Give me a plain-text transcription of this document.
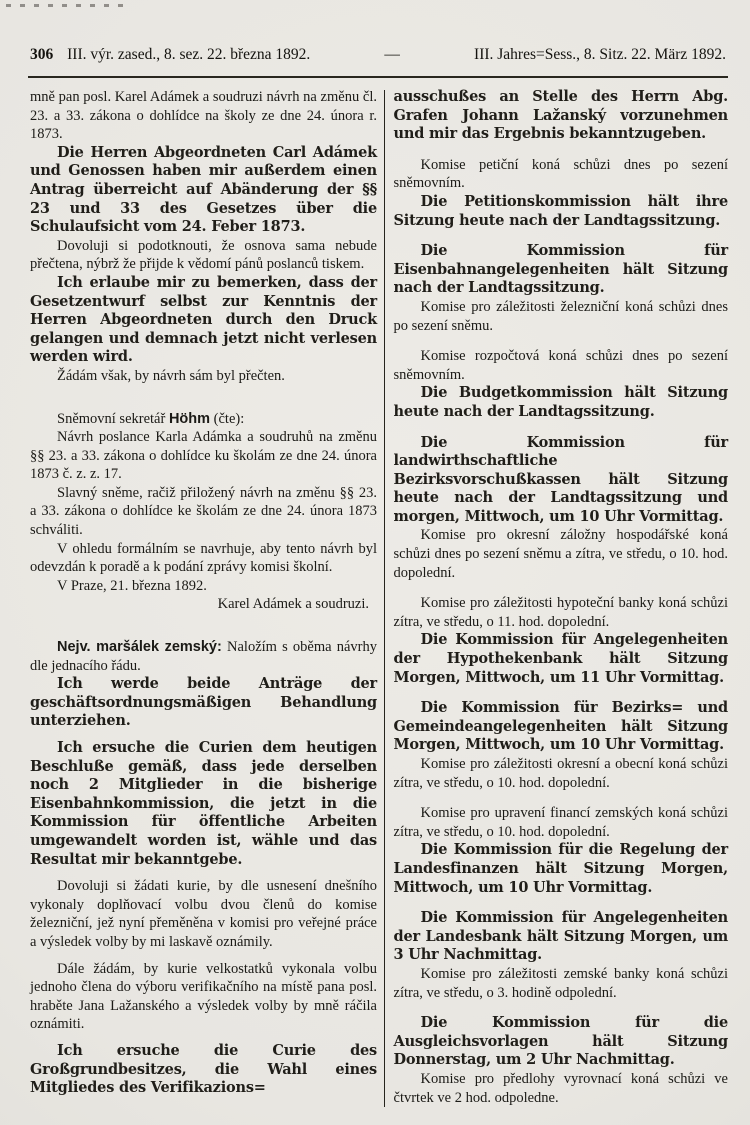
306 III. výr. zased., 8. sez. 22. března 1892.	—	III. Jahres=Sess., 8. Sitz. 22. März 1892.

mně pan posl. Karel Adámek a soudruzi návrh na změnu čl. 23. a 33. zákona o dohlídce na školy ze dne 24. února r. 1873.

Die Herren Abgeordneten Carl Adámek und Genossen haben mir außerdem einen Antrag überreicht auf Abänderung der §§ 23 und 33 des Gesetzes über die Schulaufsicht vom 24. Feber 1873.

Dovoluji si podotknouti, že osnova sama nebude přečtena, nýbrž že přijde k vědomí pánů poslanců tiskem.

Ich erlaube mir zu bemerken, dass der Gesetzentwurf selbst zur Kenntnis der Herren Abgeordneten durch den Druck gelangen und demnach jetzt nicht verlesen werden wird.

Žádám však, by návrh sám byl přečten.

Sněmovní sekretář Höhm (čte):

Návrh poslance Karla Adámka a soudruhů na změnu §§ 23. a 33. zákona o dohlídce ku školám ze dne 24. února 1873 č. z. z. 17.

Slavný sněme, račiž přiložený návrh na změnu §§ 23. a 33. zákona o dohlídce ke školám ze dne 24. února 1873 schváliti.

V ohledu formálním se navrhuje, aby tento návrh byl odevzdán k poradě a k podání zprávy komisi školní.

V Praze, 21. března 1892.

Karel Adámek a soudruzi.

Nejv. maršálek zemský: Naložím s oběma návrhy dle jednacího řádu.

Ich werde beide Anträge der geschäftsordnungsmäßigen Behandlung unterziehen.

Ich ersuche die Curien dem heutigen Beschluße gemäß, dass jede derselben noch 2 Mitglieder in die bisherige Eisenbahnkommission, die jetzt in die Kommission für öffentliche Arbeiten umgewandelt worden ist, wähle und das Resultat mir bekanntgebe.

Dovoluji si žádati kurie, by dle usnesení dnešního vykonaly doplňovací volbu dvou členů do komise železniční, jež nyní přeměněna v komisi pro veřejné práce a výsledek volby by mi laskavě oznámily.

Dále žádám, by kurie velkostatků vykonala volbu jednoho člena do výboru verifikačního na místě pana posl. hraběte Jana Lažanského a výsledek volby by mně ráčila oznámiti.

Ich ersuche die Curie des Großgrundbesitzes, die Wahl eines Mitgliedes des Verifikazions=

ausschußes an Stelle des Herrn Abg. Grafen Johann Lažanský vorzunehmen und mir das Ergebnis bekanntzugeben.

Komise petiční koná schůzi dnes po sezení sněmovním.

Die Petitionskommission hält ihre Sitzung heute nach der Landtagssitzung.

Die Kommission für Eisenbahnangelegenheiten hält Sitzung nach der Landtagssitzung.

Komise pro záležitosti železniční koná schůzi dnes po sezení sněmu.

Komise rozpočtová koná schůzi dnes po sezení sněmovním.

Die Budgetkommission hält Sitzung heute nach der Landtagssitzung.

Die Kommission für landwirthschaftliche Bezirksvorschußkassen hält Sitzung heute nach der Landtagssitzung und morgen, Mittwoch, um 10 Uhr Vormittag.

Komise pro okresní záložny hospodářské koná schůzi dnes po sezení sněmu a zítra, ve středu, o 10. hod. dopolední.

Komise pro záležitosti hypoteční banky koná schůzi zítra, ve středu, o 11. hod. dopolední.

Die Kommission für Angelegenheiten der Hypothekenbank hält Sitzung Morgen, Mittwoch, um 11 Uhr Vormittag.

Die Kommission für Bezirks= und Gemeindeangelegenheiten hält Sitzung Morgen, Mittwoch, um 10 Uhr Vormittag.

Komise pro záležitosti okresní a obecní koná schůzi zítra, ve středu, o 10. hod. dopolední.

Komise pro upravení financí zemských koná schůzi zítra, ve středu, o 10. hod. dopolední.

Die Kommission für die Regelung der Landesfinanzen hält Sitzung Morgen, Mittwoch, um 10 Uhr Vormittag.

Die Kommission für Angelegenheiten der Landesbank hält Sitzung Morgen, um 3 Uhr Nachmittag.

Komise pro záležitosti zemské banky koná schůzi zítra, ve středu, o 3. hodině odpolední.

Die Kommission für die Ausgleichsvorlagen hält Sitzung Donnerstag, um 2 Uhr Nachmittag.

Komise pro předlohy vyrovnací koná schůzi ve čtvrtek ve 2 hod. odpoledne.
